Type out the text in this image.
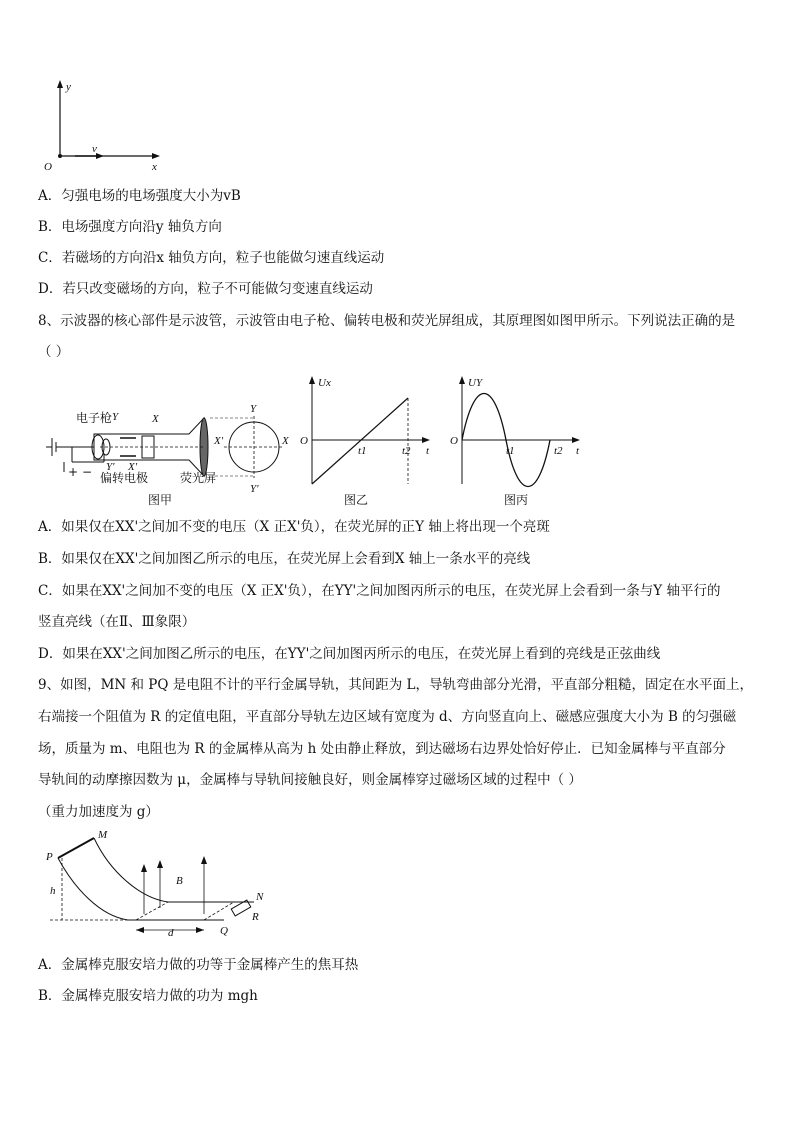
y
x
O
v
A．匀强电场的电场强度大小为vB
B．电场强度方向沿y 轴负方向
C．若磁场的方向沿x 轴负方向，粒子也能做匀速直线运动
D．若只改变磁场的方向，粒子不可能做匀变速直线运动
8、示波器的核心部件是示波管，示波管由电子枪、偏转电极和荧光屏组成，其原理图如图甲所示。下列说法正确的是
（ ）
+ −
电子枪 Y	X
Y' X'
偏转电极	荧光屏
Y
Y'
X'	X
图甲
Ux
O
t1	t2 t
图乙
UY
O
t1	t2 t
图丙
A．如果仅在XX'之间加不变的电压（X 正X'负），在荧光屏的正Y 轴上将出现一个亮斑
B．如果仅在XX'之间加图乙所示的电压，在荧光屏上会看到X 轴上一条水平的亮线
C．如果在XX'之间加不变的电压（X 正X'负），在YY'之间加图丙所示的电压，在荧光屏上会看到一条与Y 轴平行的
竖直亮线（在Ⅱ、Ⅲ象限）
D．如果在XX'之间加图乙所示的电压，在YY'之间加图丙所示的电压，在荧光屏上看到的亮线是正弦曲线
9、如图，MN 和 PQ 是电阻不计的平行金属导轨，其间距为 L，导轨弯曲部分光滑，平直部分粗糙，固定在水平面上，
右端接一个阻值为 R 的定值电阻，平直部分导轨左边区域有宽度为 d、方向竖直向上、磁感应强度大小为 B 的匀强磁
场，质量为 m、电阻也为 R 的金属棒从高为 h 处由静止释放，到达磁场右边界处恰好停止．已知金属棒与平直部分
导轨间的动摩擦因数为 μ，金属棒与导轨间接触良好，则金属棒穿过磁场区域的过程中（ ）
（重力加速度为 g）
M
P
h
B
N
R
d	Q
A．金属棒克服安培力做的功等于金属棒产生的焦耳热
B．金属棒克服安培力做的功为 mgh
